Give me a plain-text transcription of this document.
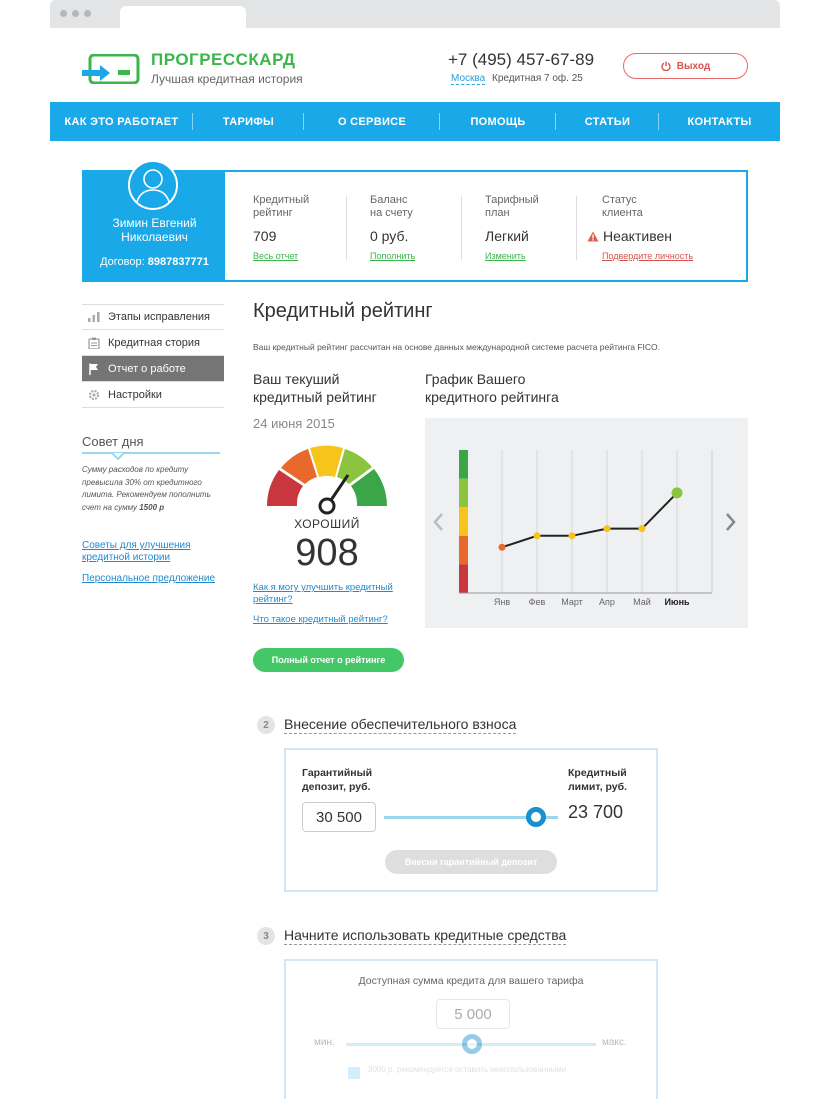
ПРОГРЕССКАРД
Лучшая кредитная история
+7 (495) 457-67-89
Москва Кредитная 7 оф. 25
Выход
КАК ЭТО РАБОТАЕТ	ТАРИФЫ	О СЕРВИСЕ	ПОМОЩЬ	СТАТЬИ	КОНТАКТЫ
Зимин Евгений
Николаевич
Договор: 8987837771
Кредитный
рейтинг
709
Весь отчет
Баланс
на счету
0 руб.
Пополнить
Тарифный
план
Легкий
Изменить
Статус
клиента
Неактивен
Подвердите личность
Этапы исправления
Кредитная стория
Отчет о работе
Настройки
Совет дня
Сумму расходов по кредиту
превысила 30% от кредитного
лимита. Рекомендуем пополнить
счет на сумму 1500 р
Советы для улучшения
кредитной истории
Персональное предложение
Кредитный рейтинг
Ваш кредитный рейтинг рассчитан на основе данных международной системе расчета рейтинга FICO.
Ваш текуший
кредитный рейтинг
24 июня 2015
ХОРОШИЙ
908
Как я могу улучшить кредитный
рейтинг?
Что такое кредитный рейтинг?
Полный отчет о рейтинге
График Вашего
кредитного рейтинга
Янв Фев Март Апр Май Июнь
2	Внесение обеспечительного взноса
Гарантийный
депозит, руб.
30 500
Кредитный
лимит, руб.
23 700
Внесни гарантийный депозит
3	Начните использовать кредитные средства
Доступная сумма кредита для вашего тарифа
5 000
мин.	макс.
3000 р. рекомендуется оставить неиспользованными
